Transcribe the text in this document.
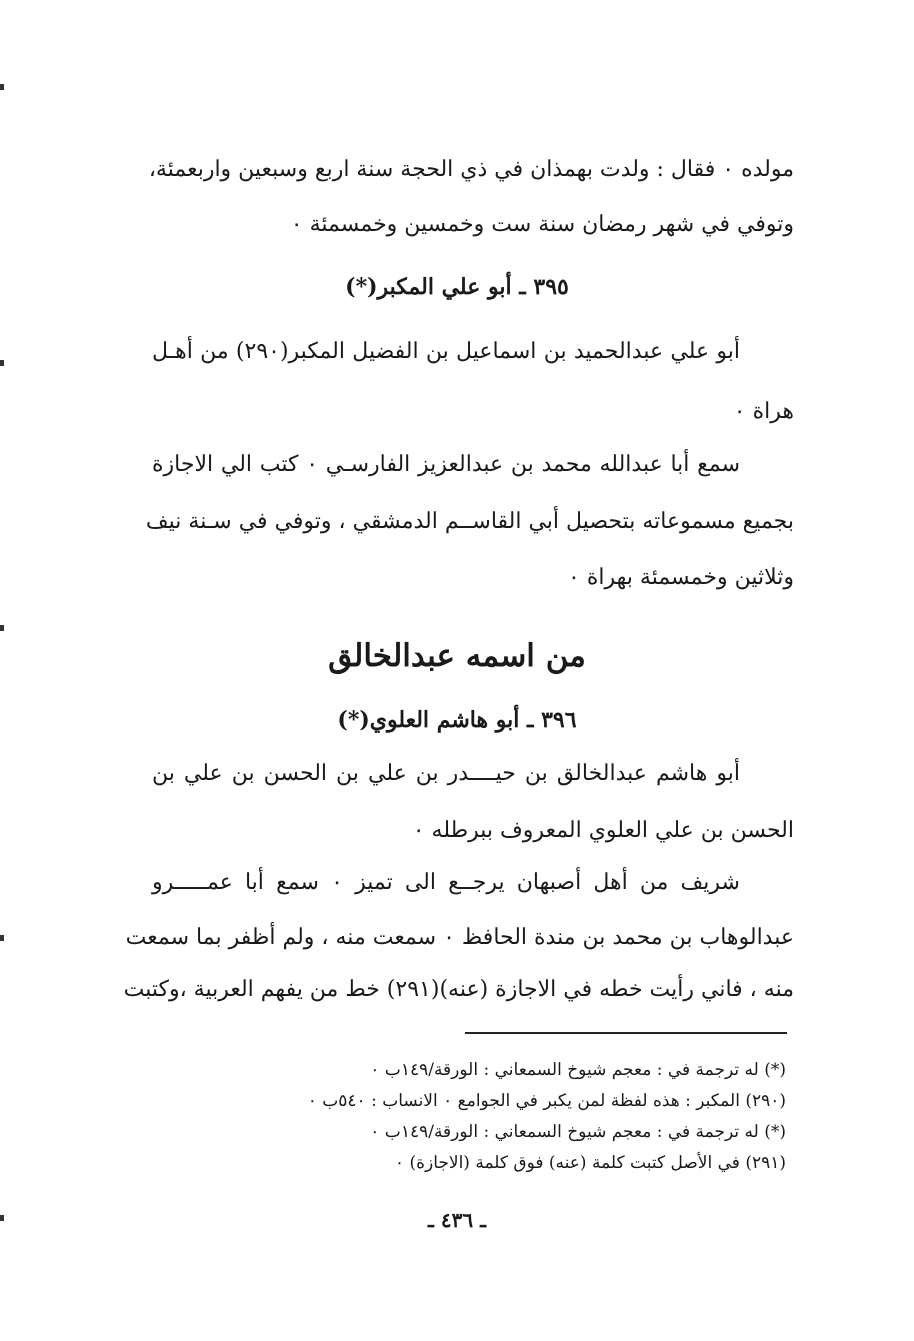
مولده ٠ فقال : ولدت بهمذان في ذي الحجة سنة اربع وسبعين واربعمئة،
وتوفي في شهر رمضان سنة ست وخمسين وخمسمئة ٠
٣٩٥ ـ أبو علي المكبر(*)
أبو علي عبدالحميد بن اسماعيل بن الفضيل المكبر(٢٩٠) من أهـل
هراة ٠
سمع أبا عبدالله محمد بن عبدالعزيز الفارسـي ٠ كتب الي الاجازة
بجميع مسموعاته بتحصيل أبي القاســم الدمشقي ، وتوفي في سـنة نيف
وثلاثين وخمسمئة بهراة ٠
من اسمه عبدالخالق
٣٩٦ ـ أبو هاشم العلوي(*)
أبو هاشم عبدالخالق بن حيــــدر بن علي بن الحسن بن علي بن
الحسن بن علي العلوي المعروف ببرطله ٠
شريف من أهل أصبهان يرجــع الى تميز ٠ سمع أبا عمـــــرو
عبدالوهاب بن محمد بن مندة الحافظ ٠ سمعت منه ، ولم أظفر بما سمعت
منه ، فاني رأيت خطه في الاجازة (عنه)(٢٩١) خط من يفهم العربية ،وكتبت
(*) له ترجمة في : معجم شيوخ السمعاني : الورقة/١٤٩ب ٠
(٢٩٠) المكبر : هذه لفظة لمن يكبر في الجوامع ٠ الانساب : ٥٤٠ب ٠
(*) له ترجمة في : معجم شيوخ السمعاني : الورقة/١٤٩ب ٠
(٢٩١) في الأصل كتبت كلمة (عنه) فوق كلمة (الاجازة) ٠
ـ ٤٣٦ ـ
